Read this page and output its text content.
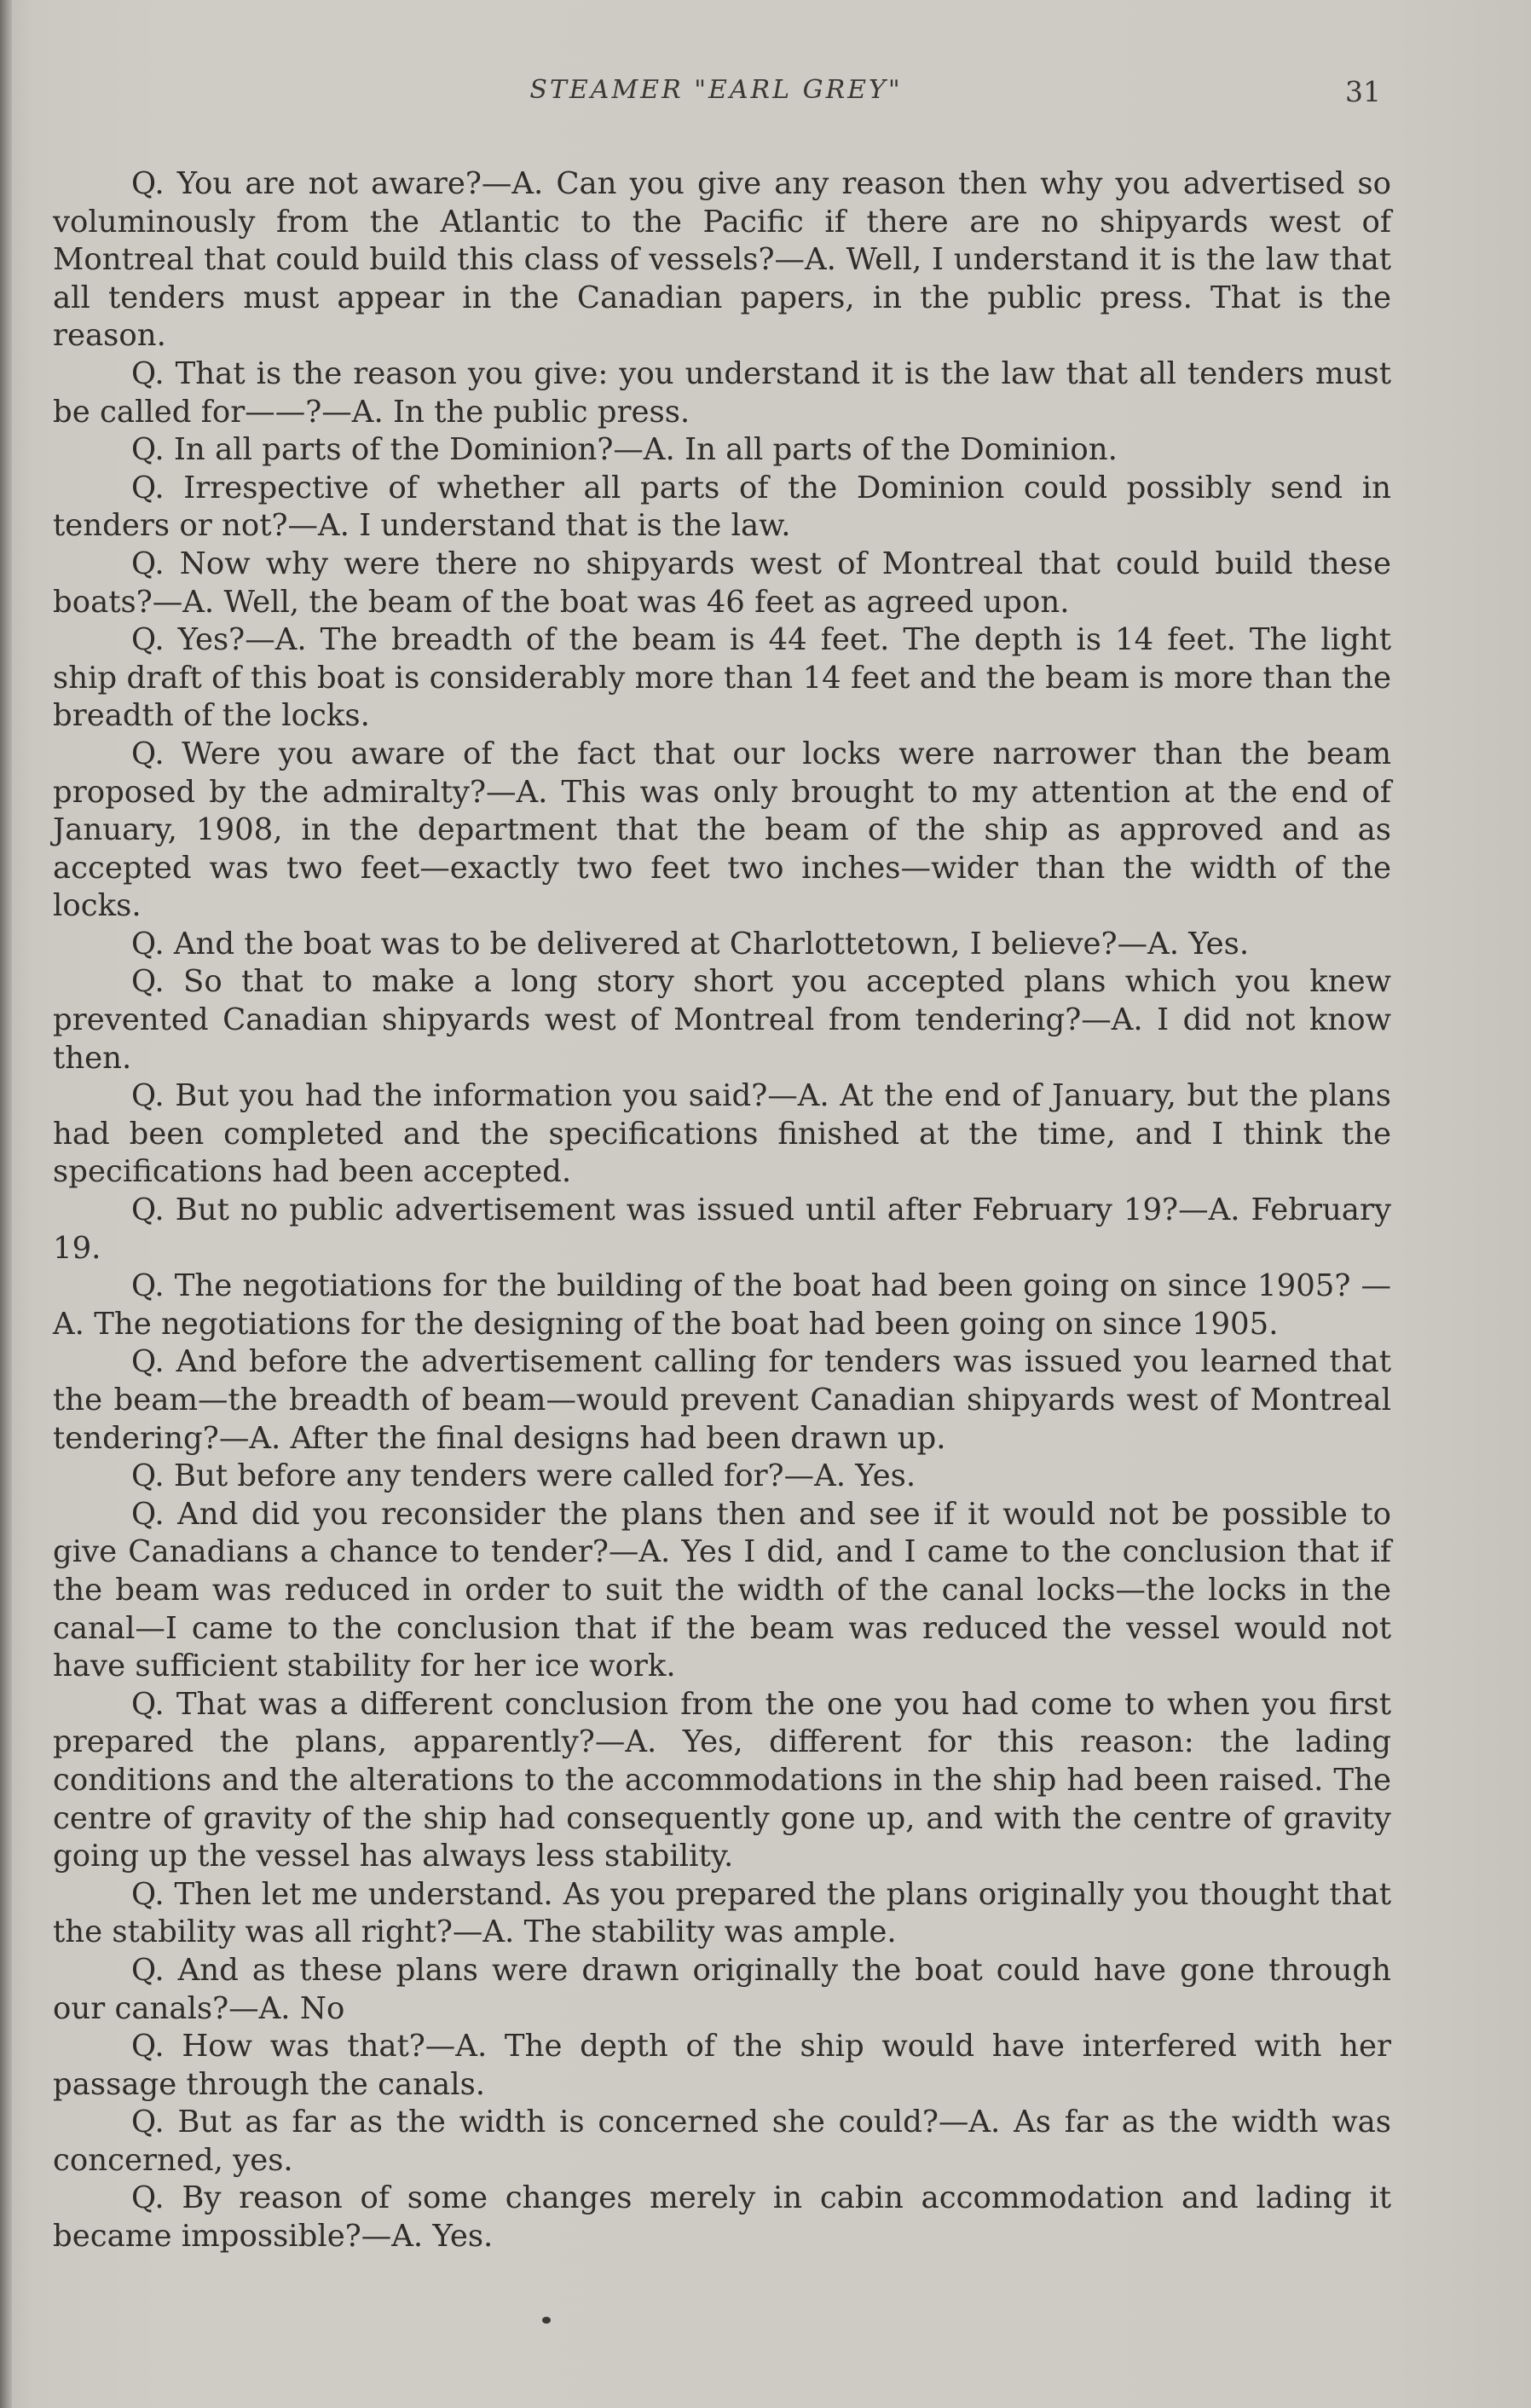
STEAMER "EARL GREY"	31

Q. You are not aware?—A. Can you give any reason then why you advertised so voluminously from the Atlantic to the Pacific if there are no shipyards west of Montreal that could build this class of vessels?—A. Well, I understand it is the law that all tenders must appear in the Canadian papers, in the public press. That is the reason.

Q. That is the reason you give: you understand it is the law that all tenders must be called for——?—A. In the public press.

Q. In all parts of the Dominion?—A. In all parts of the Dominion.

Q. Irrespective of whether all parts of the Dominion could possibly send in tenders or not?—A. I understand that is the law.

Q. Now why were there no shipyards west of Montreal that could build these boats?—A. Well, the beam of the boat was 46 feet as agreed upon.

Q. Yes?—A. The breadth of the beam is 44 feet. The depth is 14 feet. The light ship draft of this boat is considerably more than 14 feet and the beam is more than the breadth of the locks.

Q. Were you aware of the fact that our locks were narrower than the beam proposed by the admiralty?—A. This was only brought to my attention at the end of January, 1908, in the department that the beam of the ship as approved and as accepted was two feet—exactly two feet two inches—wider than the width of the locks.

Q. And the boat was to be delivered at Charlottetown, I believe?—A. Yes.

Q. So that to make a long story short you accepted plans which you knew prevented Canadian shipyards west of Montreal from tendering?—A. I did not know then.

Q. But you had the information you said?—A. At the end of January, but the plans had been completed and the specifications finished at the time, and I think the specifications had been accepted.

Q. But no public advertisement was issued until after February 19?—A. February 19.

Q. The negotiations for the building of the boat had been going on since 1905? —A. The negotiations for the designing of the boat had been going on since 1905.

Q. And before the advertisement calling for tenders was issued you learned that the beam—the breadth of beam—would prevent Canadian shipyards west of Montreal tendering?—A. After the final designs had been drawn up.

Q. But before any tenders were called for?—A. Yes.

Q. And did you reconsider the plans then and see if it would not be possible to give Canadians a chance to tender?—A. Yes I did, and I came to the conclusion that if the beam was reduced in order to suit the width of the canal locks—the locks in the canal—I came to the conclusion that if the beam was reduced the vessel would not have sufficient stability for her ice work.

Q. That was a different conclusion from the one you had come to when you first prepared the plans, apparently?—A. Yes, different for this reason: the lading conditions and the alterations to the accommodations in the ship had been raised. The centre of gravity of the ship had consequently gone up, and with the centre of gravity going up the vessel has always less stability.

Q. Then let me understand. As you prepared the plans originally you thought that the stability was all right?—A. The stability was ample.

Q. And as these plans were drawn originally the boat could have gone through our canals?—A. No

Q. How was that?—A. The depth of the ship would have interfered with her passage through the canals.

Q. But as far as the width is concerned she could?—A. As far as the width was concerned, yes.

Q. By reason of some changes merely in cabin accommodation and lading it became impossible?—A. Yes.
